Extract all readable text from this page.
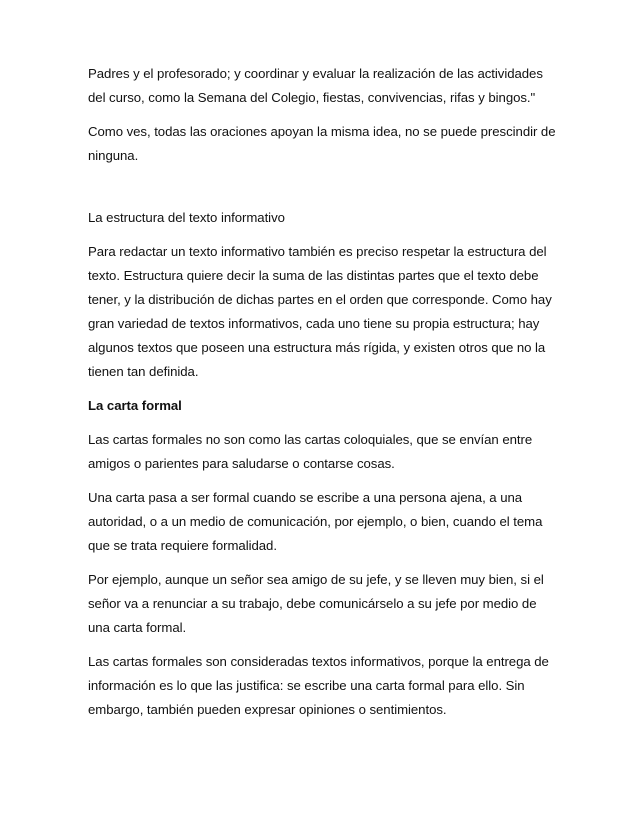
Padres y el profesorado; y coordinar y evaluar la realización de las actividades del curso, como la Semana del Colegio, fiestas, convivencias, rifas y bingos."

Como ves, todas las oraciones apoyan la misma idea, no se puede prescindir de ninguna.

La estructura del texto informativo

Para redactar un texto informativo también es preciso respetar la estructura del texto. Estructura quiere decir la suma de las distintas partes que el texto debe tener, y la distribución de dichas partes en el orden que corresponde. Como hay gran variedad de textos informativos, cada uno tiene su propia estructura; hay algunos textos que poseen una estructura más rígida, y existen otros que no la tienen tan definida.

La carta formal

Las cartas formales no son como las cartas coloquiales, que se envían entre amigos o parientes para saludarse o contarse cosas.

Una carta pasa a ser formal cuando se escribe a una persona ajena, a una autoridad, o a un medio de comunicación, por ejemplo, o bien, cuando el tema que se trata requiere formalidad.

Por ejemplo, aunque un señor sea amigo de su jefe, y se lleven muy bien, si el señor va a renunciar a su trabajo, debe comunicárselo a su jefe por medio de una carta formal.

Las cartas formales son consideradas textos informativos, porque la entrega de información es lo que las justifica: se escribe una carta formal para ello. Sin embargo, también pueden expresar opiniones o sentimientos.
